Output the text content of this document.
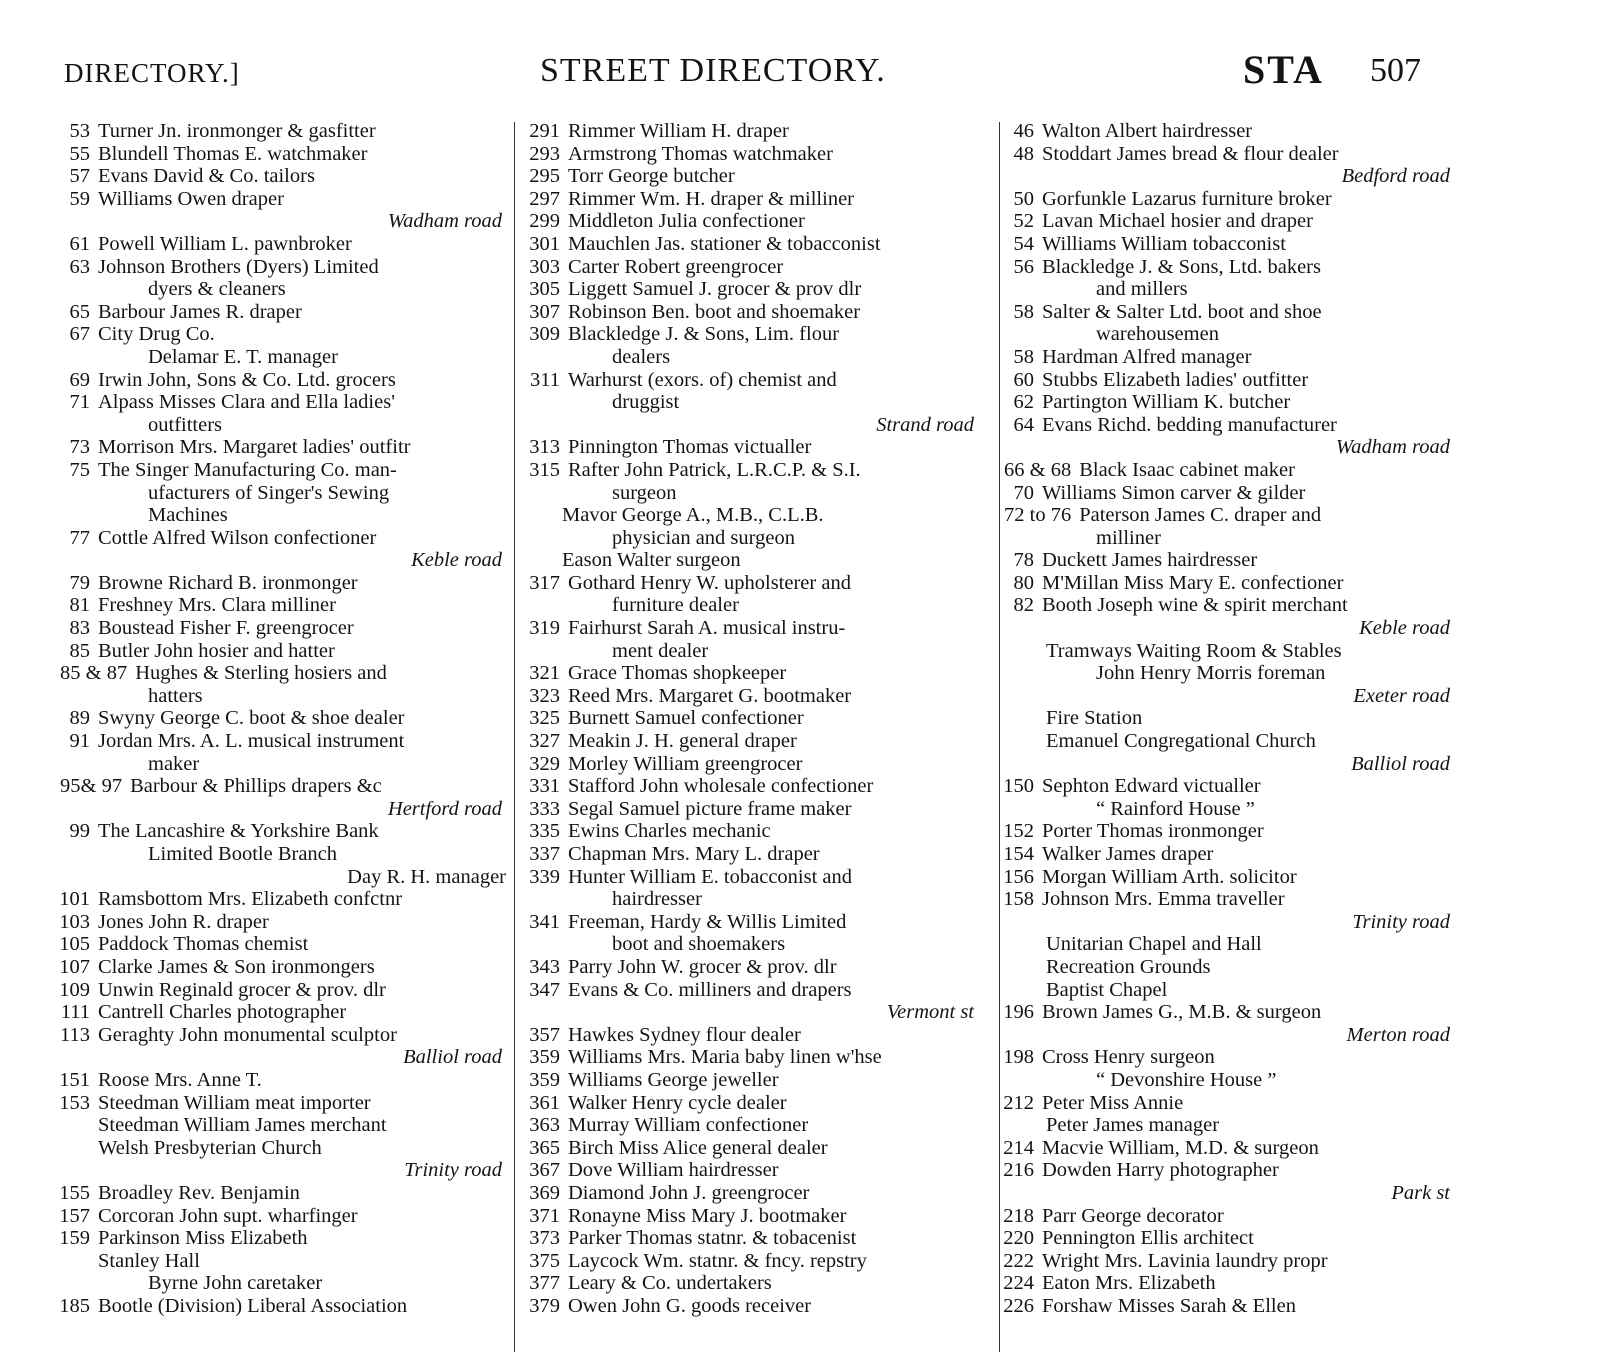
DIRECTORY.]	STREET DIRECTORY.	STA 507
53 Turner Jn. ironmonger & gasfitter
55 Blundell Thomas E. watchmaker
57 Evans David & Co. tailors
59 Williams Owen draper
Wadham road
61 Powell William L. pawnbroker
63 Johnson Brothers (Dyers) Limited
dyers & cleaners
65 Barbour James R. draper
67 City Drug Co.
Delamar E. T. manager
69 Irwin John, Sons & Co. Ltd. grocers
71 Alpass Misses Clara and Ella ladies'
outfitters
73 Morrison Mrs. Margaret ladies' outfitr
75 The Singer Manufacturing Co. man-
ufacturers of Singer's Sewing
Machines
77 Cottle Alfred Wilson confectioner
Keble road
79 Browne Richard B. ironmonger
81 Freshney Mrs. Clara milliner
83 Boustead Fisher F. greengrocer
85 Butler John hosier and hatter
85 & 87 Hughes & Sterling hosiers and
hatters
89 Swyny George C. boot & shoe dealer
91 Jordan Mrs. A. L. musical instrument
maker
95& 97 Barbour & Phillips drapers &c
Hertford road
99 The Lancashire & Yorkshire Bank
Limited Bootle Branch
Day R. H. manager
101 Ramsbottom Mrs. Elizabeth confctnr
103 Jones John R. draper
105 Paddock Thomas chemist
107 Clarke James & Son ironmongers
109 Unwin Reginald grocer & prov. dlr
111 Cantrell Charles photographer
113 Geraghty John monumental sculptor
Balliol road
151 Roose Mrs. Anne T.
153 Steedman William meat importer
Steedman William James merchant
Welsh Presbyterian Church
Trinity road
155 Broadley Rev. Benjamin
157 Corcoran John supt. wharfinger
159 Parkinson Miss Elizabeth
Stanley Hall
Byrne John caretaker
185 Bootle (Division) Liberal Association
291 Rimmer William H. draper
293 Armstrong Thomas watchmaker
295 Torr George butcher
297 Rimmer Wm. H. draper & milliner
299 Middleton Julia confectioner
301 Mauchlen Jas. stationer & tobacconist
303 Carter Robert greengrocer
305 Liggett Samuel J. grocer & prov dlr
307 Robinson Ben. boot and shoemaker
309 Blackledge J. & Sons, Lim. flour
dealers
311 Warhurst (exors. of) chemist and
druggist
Strand road
313 Pinnington Thomas victualler
315 Rafter John Patrick, L.R.C.P. & S.I.
surgeon
Mavor George A., M.B., C.L.B.
physician and surgeon
Eason Walter surgeon
317 Gothard Henry W. upholsterer and
furniture dealer
319 Fairhurst Sarah A. musical instru-
ment dealer
321 Grace Thomas shopkeeper
323 Reed Mrs. Margaret G. bootmaker
325 Burnett Samuel confectioner
327 Meakin J. H. general draper
329 Morley William greengrocer
331 Stafford John wholesale confectioner
333 Segal Samuel picture frame maker
335 Ewins Charles mechanic
337 Chapman Mrs. Mary L. draper
339 Hunter William E. tobacconist and
hairdresser
341 Freeman, Hardy & Willis Limited
boot and shoemakers
343 Parry John W. grocer & prov. dlr
347 Evans & Co. milliners and drapers
Vermont st
357 Hawkes Sydney flour dealer
359 Williams Mrs. Maria baby linen w'hse
359 Williams George jeweller
361 Walker Henry cycle dealer
363 Murray William confectioner
365 Birch Miss Alice general dealer
367 Dove William hairdresser
369 Diamond John J. greengrocer
371 Ronayne Miss Mary J. bootmaker
373 Parker Thomas statnr. & tobacenist
375 Laycock Wm. statnr. & fncy. repstry
377 Leary & Co. undertakers
379 Owen John G. goods receiver
46 Walton Albert hairdresser
48 Stoddart James bread & flour dealer
Bedford road
50 Gorfunkle Lazarus furniture broker
52 Lavan Michael hosier and draper
54 Williams William tobacconist
56 Blackledge J. & Sons, Ltd. bakers
and millers
58 Salter & Salter Ltd. boot and shoe
warehousemen
58 Hardman Alfred manager
60 Stubbs Elizabeth ladies' outfitter
62 Partington William K. butcher
64 Evans Richd. bedding manufacturer
Wadham road
66 & 68 Black Isaac cabinet maker
70 Williams Simon carver & gilder
72 to 76 Paterson James C. draper and
milliner
78 Duckett James hairdresser
80 M'Millan Miss Mary E. confectioner
82 Booth Joseph wine & spirit merchant
Keble road
Tramways Waiting Room & Stables
John Henry Morris foreman
Exeter road
Fire Station
Emanuel Congregational Church
Balliol road
150 Sephton Edward victualler
“ Rainford House ”
152 Porter Thomas ironmonger
154 Walker James draper
156 Morgan William Arth. solicitor
158 Johnson Mrs. Emma traveller
Trinity road
Unitarian Chapel and Hall
Recreation Grounds
Baptist Chapel
196 Brown James G., M.B. & surgeon
Merton road
198 Cross Henry surgeon
“ Devonshire House ”
212 Peter Miss Annie
Peter James manager
214 Macvie William, M.D. & surgeon
216 Dowden Harry photographer
Park st
218 Parr George decorator
220 Pennington Ellis architect
222 Wright Mrs. Lavinia laundry propr
224 Eaton Mrs. Elizabeth
226 Forshaw Misses Sarah & Ellen
